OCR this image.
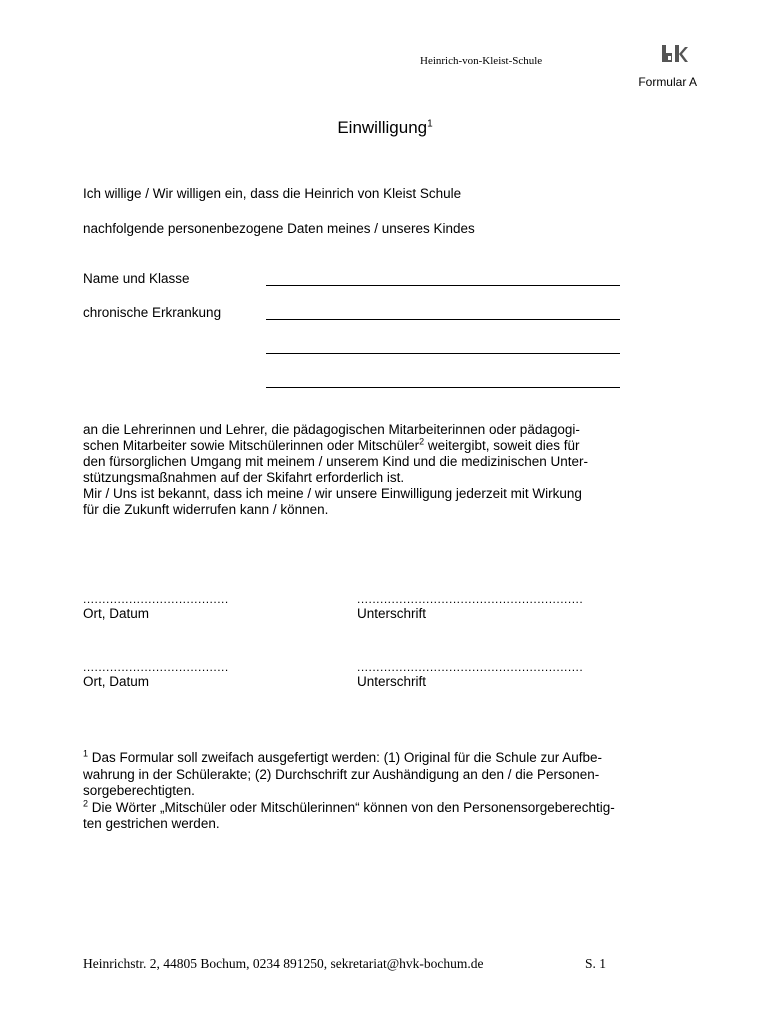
Heinrich-von-Kleist-Schule
Formular A
Einwilligung$^1$
Ich willige / Wir willigen ein, dass die Heinrich von Kleist Schule
nachfolgende personenbezogene Daten meines / unseres Kindes
Name und Klasse
chronische Erkrankung
an die Lehrerinnen und Lehrer, die pädagogischen Mitarbeiterinnen oder pädagogi-
schen Mitarbeiter sowie Mitschülerinnen oder Mitschüler$^2$ weitergibt, soweit dies für
den fürsorglichen Umgang mit meinem / unserem Kind und die medizinischen Unter-
stützungsmaßnahmen auf der Skifahrt erforderlich ist.
Mir / Uns ist bekannt, dass ich meine / wir unsere Einwilligung jederzeit mit Wirkung
für die Zukunft widerrufen kann / können.
......................................
Ort, Datum
...........................................................
Unterschrift
......................................
Ort, Datum
...........................................................
Unterschrift

$^1$ Das Formular soll zweifach ausgefertigt werden: (1) Original für die Schule zur Aufbe-

wahrung in der Schülerakte; (2) Durchschrift zur Aushändigung an den / die Personen-

sorgeberechtigten.

$^2$ Die Wörter „Mitschüler oder Mitschülerinnen“ können von den Personensorgeberechtig-

ten gestrichen werden.

Heinrichstr. 2, 44805 Bochum, 0234 891250, sekretariat@hvk-bochum.de	S. 1
